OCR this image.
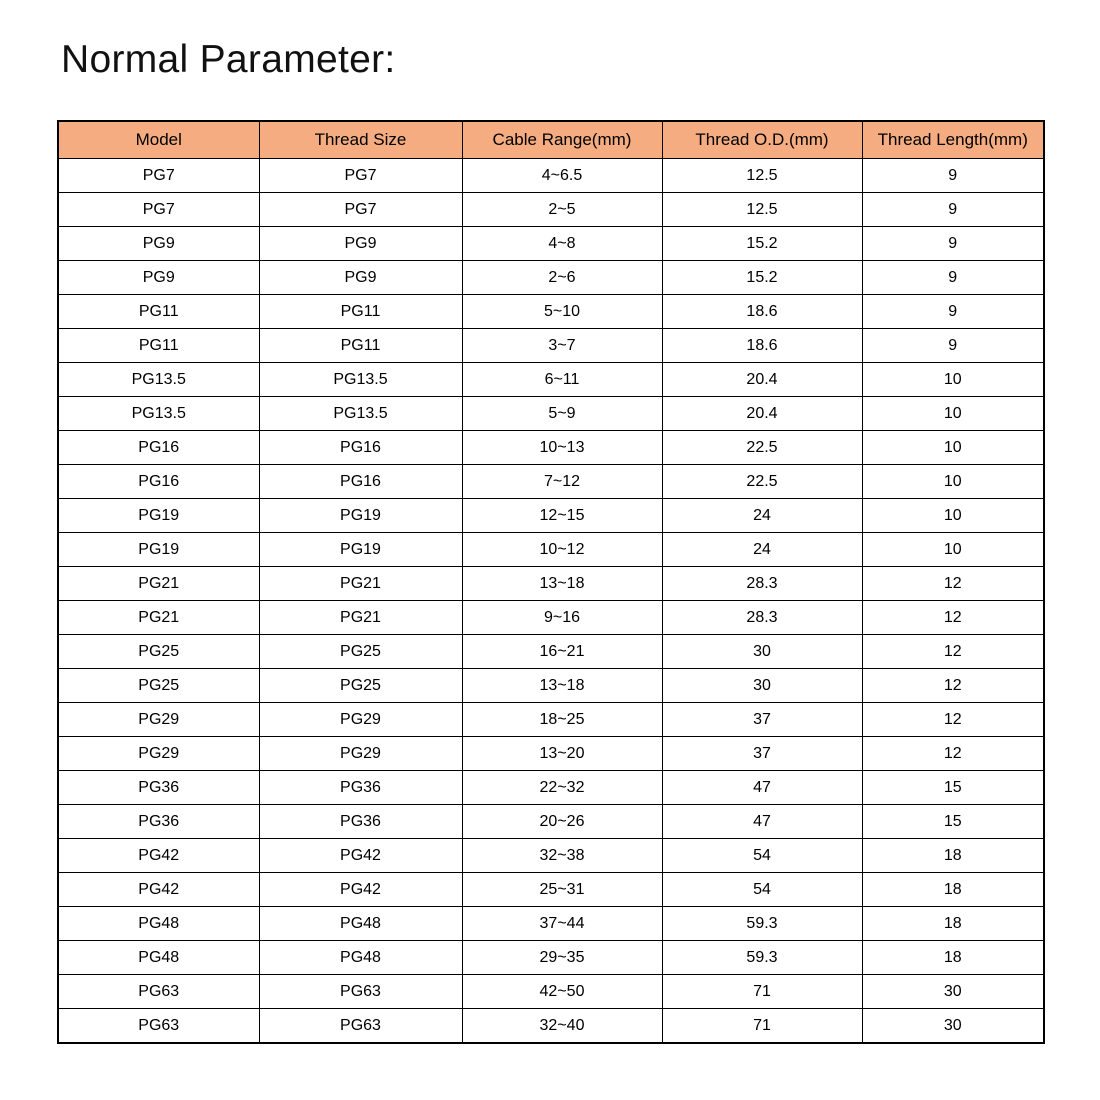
Normal Parameter:
Model	Thread Size	Cable Range(mm)	Thread O.D.(mm)	Thread Length(mm)
PG7	PG7	4~6.5	12.5	9
PG7	PG7	2~5	12.5	9
PG9	PG9	4~8	15.2	9
PG9	PG9	2~6	15.2	9
PG11	PG11	5~10	18.6	9
PG11	PG11	3~7	18.6	9
PG13.5	PG13.5	6~11	20.4	10
PG13.5	PG13.5	5~9	20.4	10
PG16	PG16	10~13	22.5	10
PG16	PG16	7~12	22.5	10
PG19	PG19	12~15	24	10
PG19	PG19	10~12	24	10
PG21	PG21	13~18	28.3	12
PG21	PG21	9~16	28.3	12
PG25	PG25	16~21	30	12
PG25	PG25	13~18	30	12
PG29	PG29	18~25	37	12
PG29	PG29	13~20	37	12
PG36	PG36	22~32	47	15
PG36	PG36	20~26	47	15
PG42	PG42	32~38	54	18
PG42	PG42	25~31	54	18
PG48	PG48	37~44	59.3	18
PG48	PG48	29~35	59.3	18
PG63	PG63	42~50	71	30
PG63	PG63	32~40	71	30
